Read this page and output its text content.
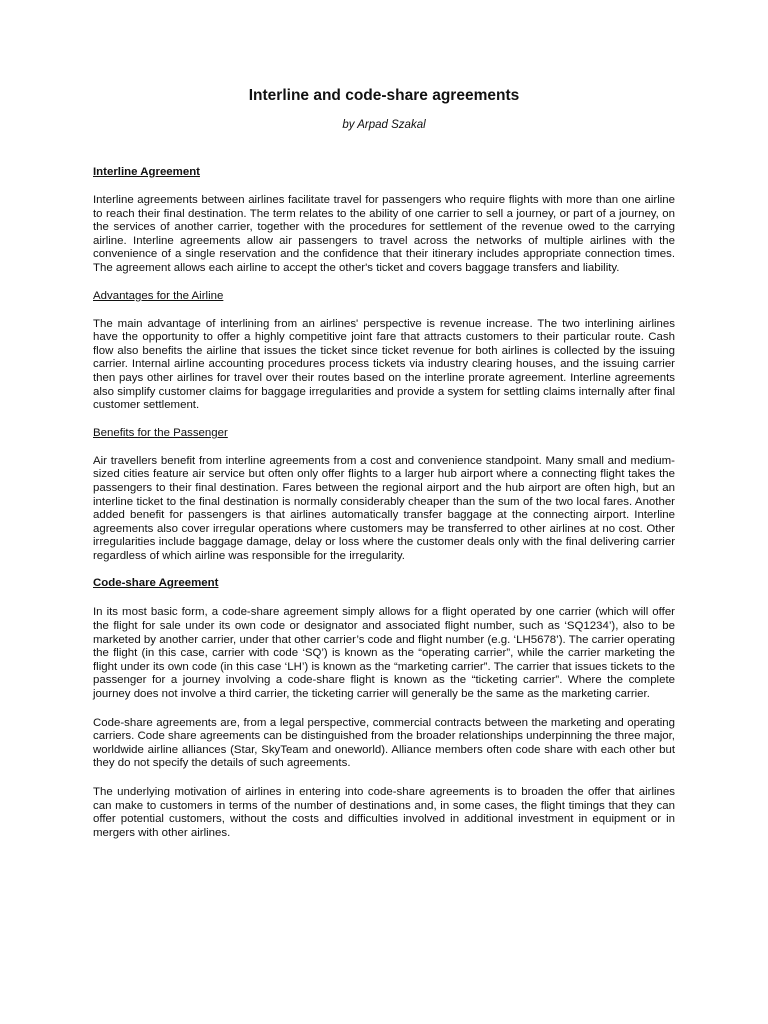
Interline and code-share agreements

by Arpad Szakal

Interline Agreement

Interline agreements between airlines facilitate travel for passengers who require flights with more than one airline to reach their final destination. The term relates to the ability of one carrier to sell a journey, or part of a journey, on the services of another carrier, together with the procedures for settlement of the revenue owed to the carrying airline. Interline agreements allow air passengers to travel across the networks of multiple airlines with the convenience of a single reservation and the confidence that their itinerary includes appropriate connection times. The agreement allows each airline to accept the other's ticket and covers baggage transfers and liability.

Advantages for the Airline

The main advantage of interlining from an airlines' perspective is revenue increase. The two interlining airlines have the opportunity to offer a highly competitive joint fare that attracts customers to their particular route. Cash flow also benefits the airline that issues the ticket since ticket revenue for both airlines is collected by the issuing carrier. Internal airline accounting procedures process tickets via industry clearing houses, and the issuing carrier then pays other airlines for travel over their routes based on the interline prorate agreement. Interline agreements also simplify customer claims for baggage irregularities and provide a system for settling claims internally after final customer settlement.

Benefits for the Passenger

Air travellers benefit from interline agreements from a cost and convenience standpoint. Many small and medium-sized cities feature air service but often only offer flights to a larger hub airport where a connecting flight takes the passengers to their final destination. Fares between the regional airport and the hub airport are often high, but an interline ticket to the final destination is normally considerably cheaper than the sum of the two local fares. Another added benefit for passengers is that airlines automatically transfer baggage at the connecting airport. Interline agreements also cover irregular operations where customers may be transferred to other airlines at no cost. Other irregularities include baggage damage, delay or loss where the customer deals only with the final delivering carrier regardless of which airline was responsible for the irregularity.

Code-share Agreement

In its most basic form, a code-share agreement simply allows for a flight operated by one carrier (which will offer the flight for sale under its own code or designator and associated flight number, such as ‘SQ1234’), also to be marketed by another carrier, under that other carrier’s code and flight number (e.g. ‘LH5678’). The carrier operating the flight (in this case, carrier with code ‘SQ’) is known as the “operating carrier”, while the carrier marketing the flight under its own code (in this case ‘LH’) is known as the “marketing carrier”. The carrier that issues tickets to the passenger for a journey involving a code-share flight is known as the “ticketing carrier”. Where the complete journey does not involve a third carrier, the ticketing carrier will generally be the same as the marketing carrier.

Code-share agreements are, from a legal perspective, commercial contracts between the marketing and operating carriers. Code share agreements can be distinguished from the broader relationships underpinning the three major, worldwide airline alliances (Star, SkyTeam and oneworld). Alliance members often code share with each other but they do not specify the details of such agreements.

The underlying motivation of airlines in entering into code-share agreements is to broaden the offer that airlines can make to customers in terms of the number of destinations and, in some cases, the flight timings that they can offer potential customers, without the costs and difficulties involved in additional investment in equipment or in mergers with other airlines.
